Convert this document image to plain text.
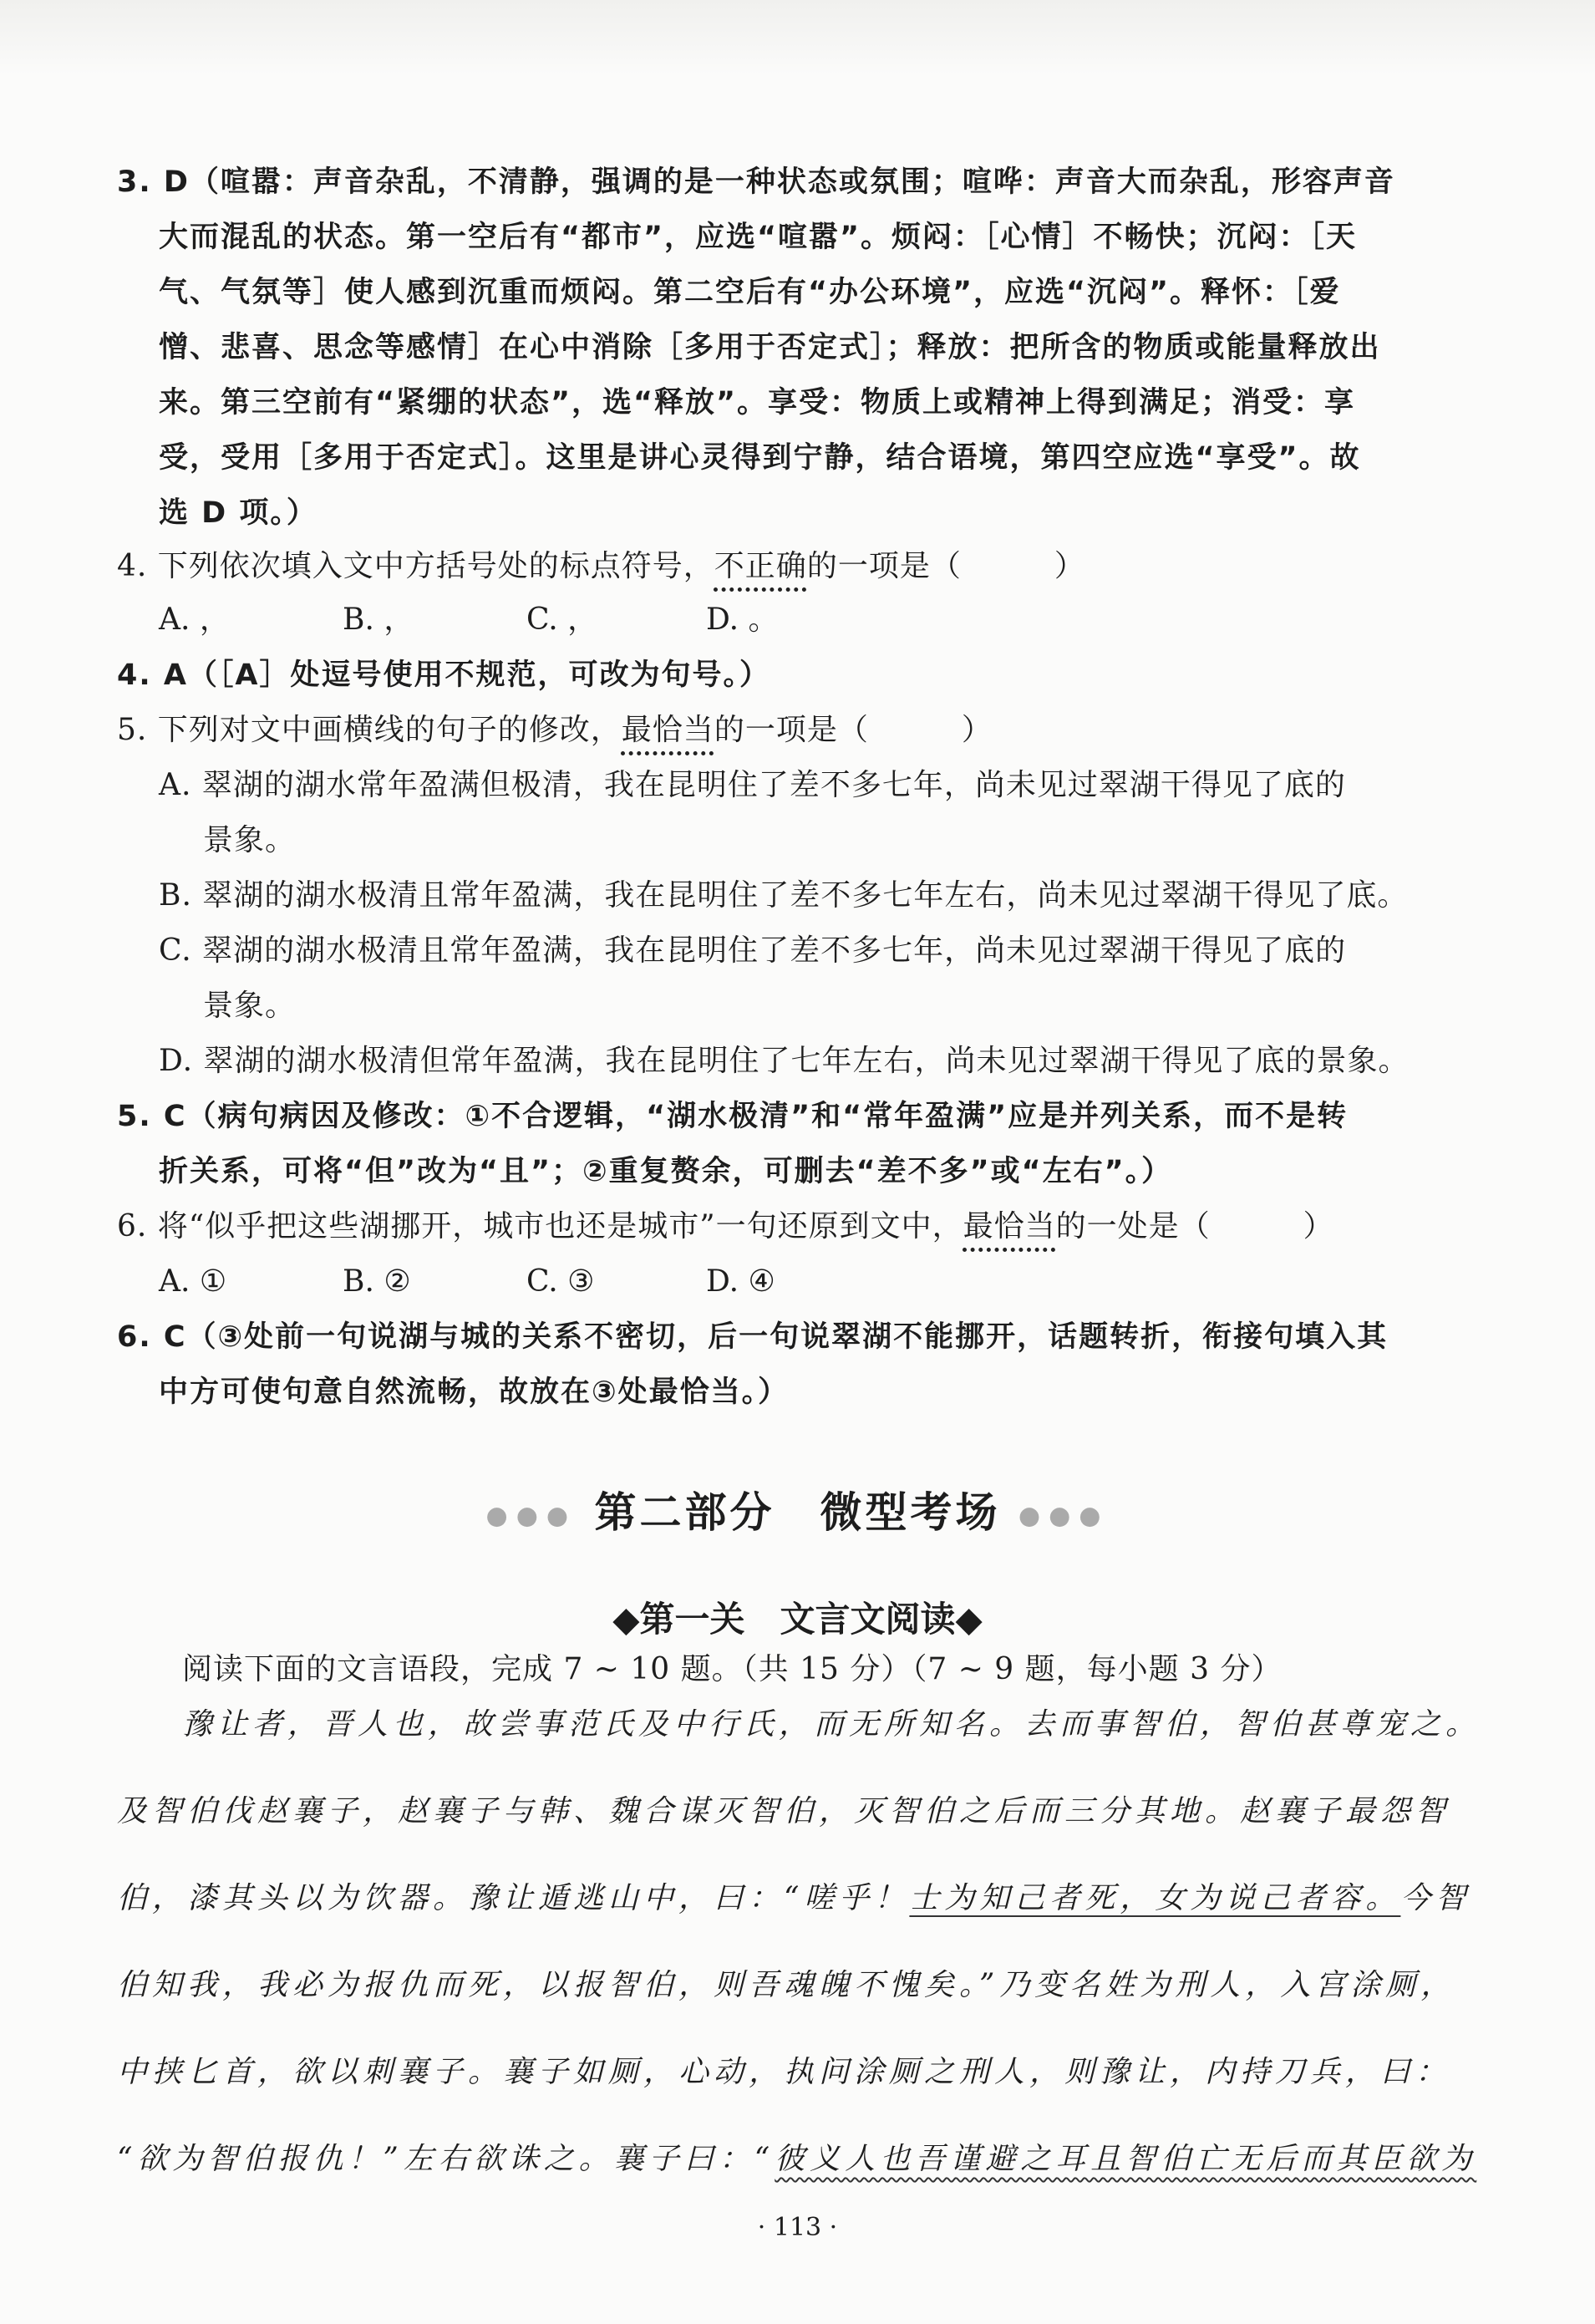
3. D（喧嚣：声音杂乱，不清静，强调的是一种状态或氛围；喧哗：声音大而杂乱，形容声音
大而混乱的状态。第一空后有“都市”，应选“喧嚣”。烦闷：［心情］不畅快；沉闷：［天
气、气氛等］使人感到沉重而烦闷。第二空后有“办公环境”，应选“沉闷”。释怀：［爱
憎、悲喜、思念等感情］在心中消除［多用于否定式］；释放：把所含的物质或能量释放出
来。第三空前有“紧绷的状态”，选“释放”。享受：物质上或精神上得到满足；消受：享
受，受用［多用于否定式］。这里是讲心灵得到宁静，结合语境，第四空应选“享受”。故
选 D 项。）
4. 下列依次填入文中方括号处的标点符号，不正确的一项是（　　　）
A. ，	B. ，	C. ，	D. 。
4. A（［A］处逗号使用不规范，可改为句号。）
5. 下列对文中画横线的句子的修改，最恰当的一项是（　　　）
A. 翠湖的湖水常年盈满但极清，我在昆明住了差不多七年，尚未见过翠湖干得见了底的
景象。
B. 翠湖的湖水极清且常年盈满，我在昆明住了差不多七年左右，尚未见过翠湖干得见了底。
C. 翠湖的湖水极清且常年盈满，我在昆明住了差不多七年，尚未见过翠湖干得见了底的
景象。
D. 翠湖的湖水极清但常年盈满，我在昆明住了七年左右，尚未见过翠湖干得见了底的景象。
5. C（病句病因及修改：①不合逻辑，“湖水极清”和“常年盈满”应是并列关系，而不是转
折关系，可将“但”改为“且”；②重复赘余，可删去“差不多”或“左右”。）
6. 将“似乎把这些湖挪开，城市也还是城市”一句还原到文中，最恰当的一处是（　　　）
A. ①	B. ②	C. ③	D. ④
6. C（③处前一句说湖与城的关系不密切，后一句说翠湖不能挪开，话题转折，衔接句填入其
中方可使句意自然流畅，故放在③处最恰当。）
●●● 第二部分　微型考场 ●●●
◆第一关　文言文阅读◆
阅读下面的文言语段，完成 7 ~ 10 题。（共 15 分）（7 ~ 9 题，每小题 3 分）
豫让者，晋人也，故尝事范氏及中行氏，而无所知名。去而事智伯，智伯甚尊宠之。
及智伯伐赵襄子，赵襄子与韩、魏合谋灭智伯，灭智伯之后而三分其地。赵襄子最怨智
伯，漆其头以为饮器。豫让遁逃山中，曰：“嗟乎！士为知己者死，女为说己者容。今智
伯知我，我必为报仇而死，以报智伯，则吾魂魄不愧矣。”乃变名姓为刑人，入宫涂厕，
中挟匕首，欲以刺襄子。襄子如厕，心动，执问涂厕之刑人，则豫让，内持刀兵，曰：
“欲为智伯报仇！”左右欲诛之。襄子曰：“彼义人也吾谨避之耳且智伯亡无后而其臣欲为
· 113 ·
